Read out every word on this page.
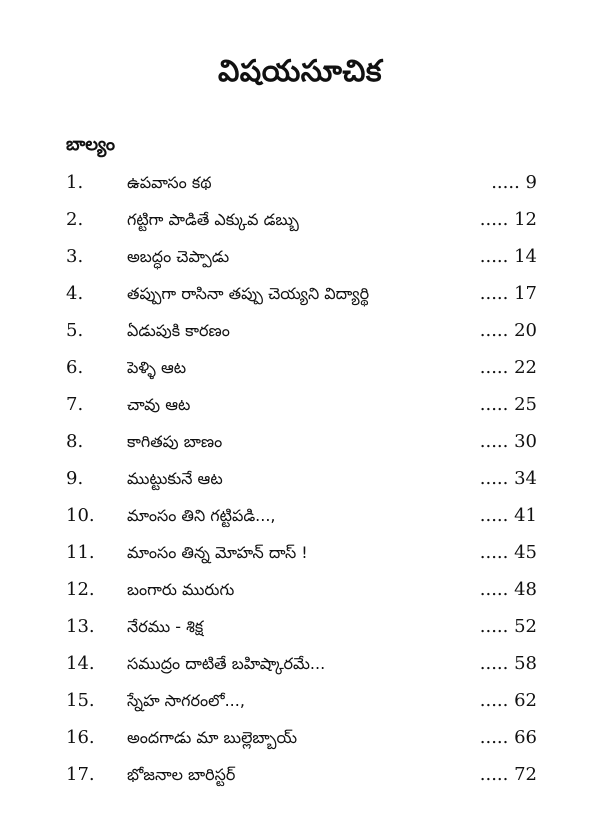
విషయసూచిక
బాల్యం
1.	ఉపవాసం కథ	..... 9
2.	గట్టిగా పాడితే ఎక్కువ డబ్బు	..... 12
3.	అబద్ధం చెప్పాడు	..... 14
4.	తప్పుగా రాసినా తప్పు చెయ్యని విద్యార్థి	..... 17
5.	ఏడుపుకి కారణం	..... 20
6.	పెళ్ళి ఆట	..... 22
7.	చావు ఆట	..... 25
8.	కాగితపు బాణం	..... 30
9.	ముట్టుకునే ఆట	..... 34
10.	మాంసం తిని గట్టిపడి...,	..... 41
11.	మాంసం తిన్న మోహన్ దాస్ !	..... 45
12.	బంగారు మురుగు	..... 48
13.	నేరము - శిక్ష	..... 52
14.	సముద్రం దాటితే బహిష్కారమే...	..... 58
15.	స్నేహ సాగరంలో...,	..... 62
16.	అందగాడు మా బుల్లెబ్బాయ్	..... 66
17.	భోజనాల బారిస్టర్	..... 72
